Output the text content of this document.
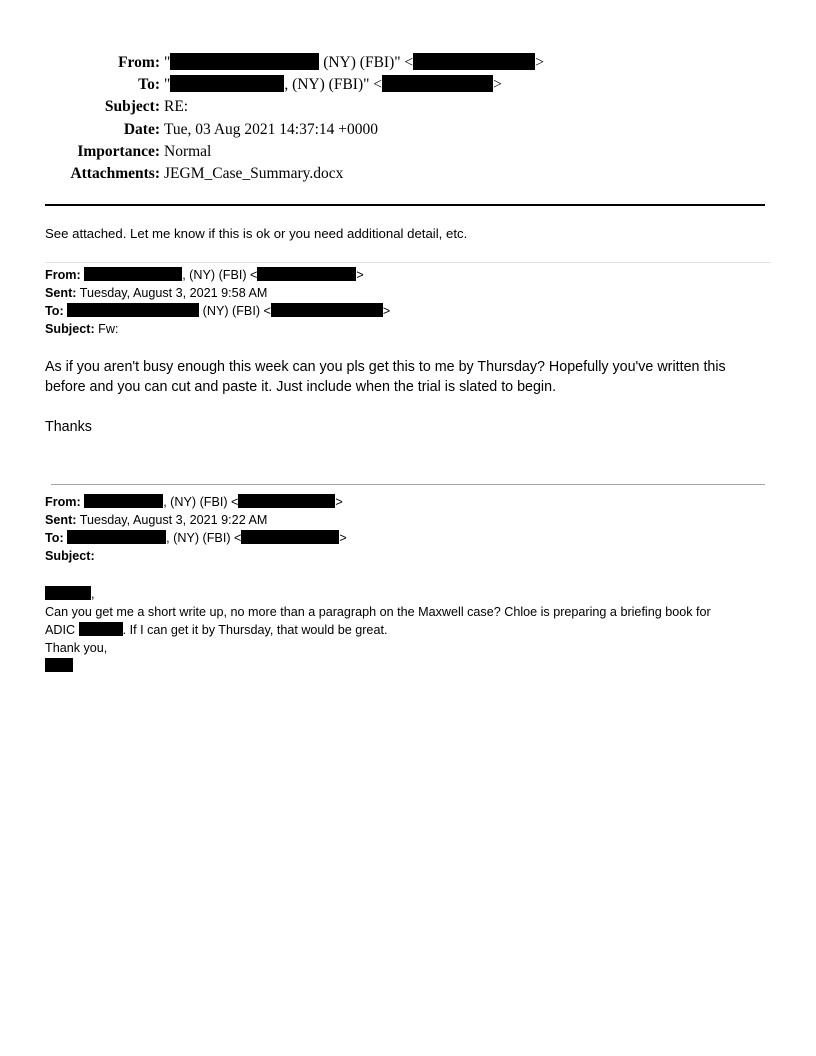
From: "	(NY) (FBI)" <	>
To: "	, (NY) (FBI)" <	>
Subject: RE:
Date: Tue, 03 Aug 2021 14:37:14 +0000
Importance: Normal
Attachments: JEGM_Case_Summary.docx
See attached. Let me know if this is ok or you need additional detail, etc.
From:	, (NY) (FBI) <	>
Sent: Tuesday, August 3, 2021 9:58 AM
To:	(NY) (FBI) <	>
Subject: Fw:
As if you aren't busy enough this week can you pls get this to me by Thursday? Hopefully you've written this
before and you can cut and paste it. Just include when the trial is slated to begin.
Thanks
From:	, (NY) (FBI) <	>
Sent: Tuesday, August 3, 2021 9:22 AM
To:	, (NY) (FBI) <	>
Subject:
,
Can you get me a short write up, no more than a paragraph on the Maxwell case? Chloe is preparing a briefing book for
ADIC	. If I can get it by Thursday, that would be great.
Thank you,
